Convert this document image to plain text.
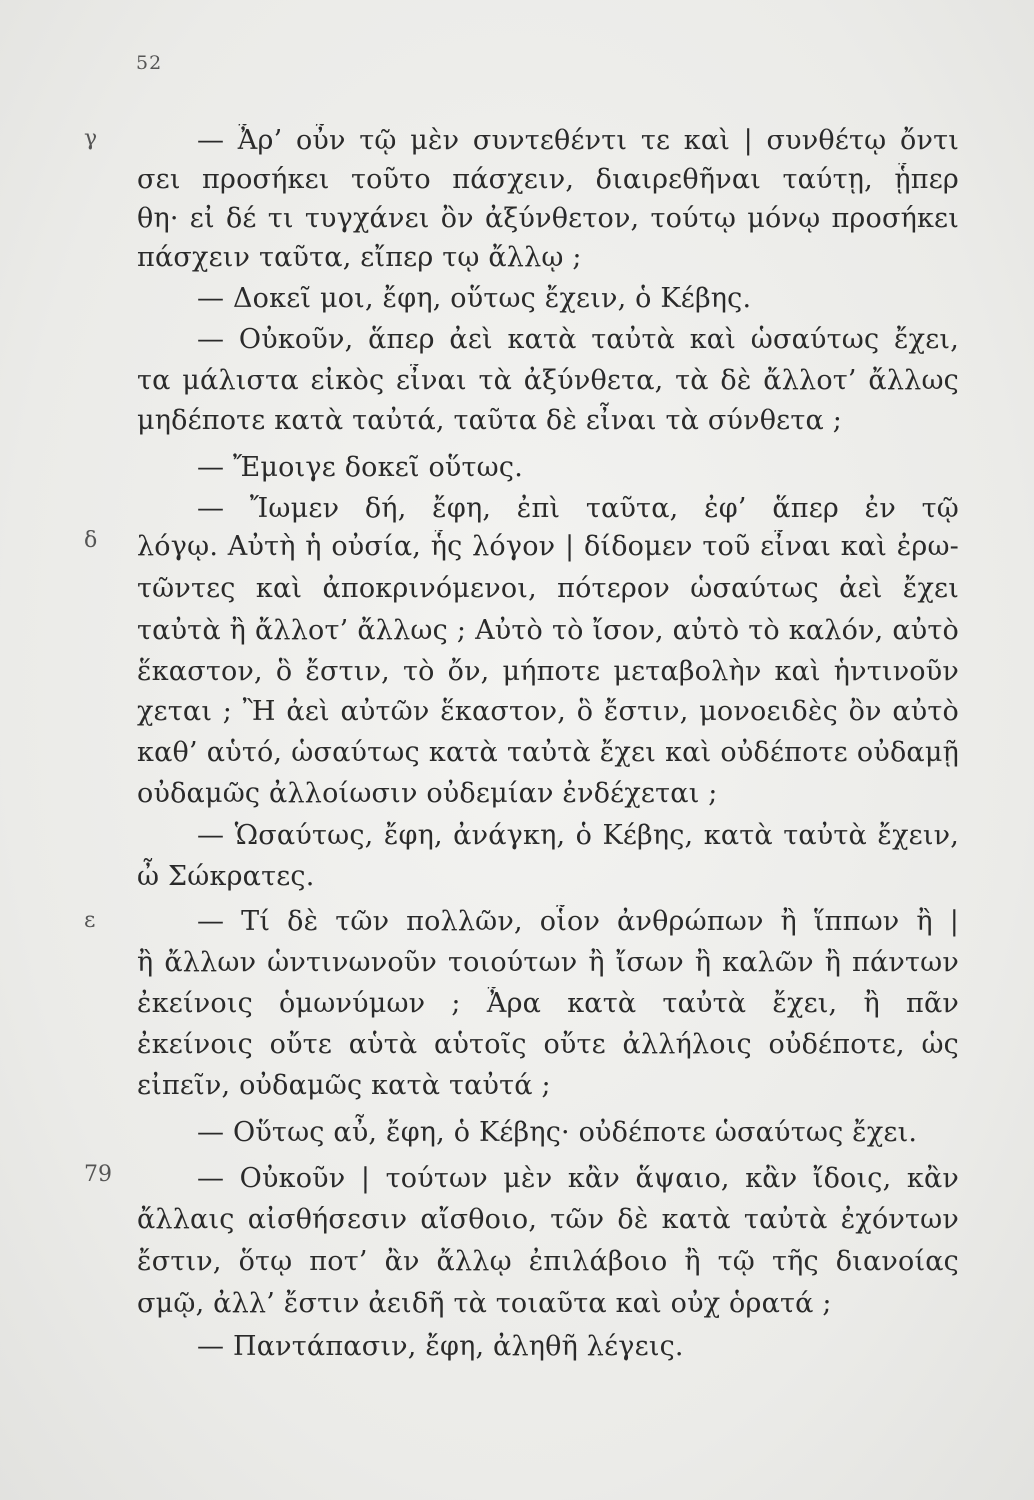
52
γ
δ
ε
79
— Ἆρ’ οὖν τῷ μὲν συντεθέντι τε καὶ | συνθέτῳ ὄντι
σει προσήκει τοῦτο πάσχειν, διαιρεθῆναι ταύτῃ, ᾗπερ
θη· εἰ δέ τι τυγχάνει ὂν ἀξύνθετον, τούτῳ μόνῳ προσήκει
πάσχειν ταῦτα, εἴπερ τῳ ἄλλῳ ;
— Δοκεῖ μοι, ἔφη, οὕτως ἔχειν, ὁ Κέβης.
— Οὐκοῦν, ἅπερ ἀεὶ κατὰ ταὐτὰ καὶ ὡσαύτως ἔχει,
τα μάλιστα εἰκὸς εἶναι τὰ ἀξύνθετα, τὰ δὲ ἄλλοτ’ ἄλλως
μηδέποτε κατὰ ταὐτά, ταῦτα δὲ εἶναι τὰ σύνθετα ;
— Ἔμοιγε δοκεῖ οὕτως.
— Ἴωμεν δή, ἔφη, ἐπὶ ταῦτα, ἐφ’ ἅπερ ἐν τῷ
λόγῳ. Αὐτὴ ἡ οὐσία, ἧς λόγον | δίδομεν τοῦ εἶναι καὶ ἐρω-
τῶντες καὶ ἀποκρινόμενοι, πότερον ὡσαύτως ἀεὶ ἔχει
ταὐτὰ ἢ ἄλλοτ’ ἄλλως ; Αὐτὸ τὸ ἴσον, αὐτὸ τὸ καλόν, αὐτὸ
ἕκαστον, ὃ ἔστιν, τὸ ὄν, μήποτε μεταβολὴν καὶ ἡντινοῦν
χεται ; Ἢ ἀεὶ αὐτῶν ἕκαστον, ὃ ἔστιν, μονοειδὲς ὂν αὐτὸ
καθ’ αὑτό, ὡσαύτως κατὰ ταὐτὰ ἔχει καὶ οὐδέποτε οὐδαμῇ
οὐδαμῶς ἀλλοίωσιν οὐδεμίαν ἐνδέχεται ;
— Ὡσαύτως, ἔφη, ἀνάγκη, ὁ Κέβης, κατὰ ταὐτὰ ἔχειν,
ὦ Σώκρατες.
— Τί δὲ τῶν πολλῶν, οἷον ἀνθρώπων ἢ ἵππων ἢ |
ἢ ἄλλων ὡντινωνοῦν τοιούτων ἢ ἴσων ἢ καλῶν ἢ πάντων
ἐκείνοις ὁμωνύμων ; Ἆρα κατὰ ταὐτὰ ἔχει, ἢ πᾶν
ἐκείνοις οὔτε αὑτὰ αὑτοῖς οὔτε ἀλλήλοις οὐδέποτε, ὡς
εἰπεῖν, οὐδαμῶς κατὰ ταὐτά ;
— Οὕτως αὖ, ἔφη, ὁ Κέβης· οὐδέποτε ὡσαύτως ἔχει.
— Οὐκοῦν | τούτων μὲν κἂν ἅψαιο, κἂν ἴδοις, κἂν
ἄλλαις αἰσθήσεσιν αἴσθοιο, τῶν δὲ κατὰ ταὐτὰ ἐχόντων
ἔστιν, ὅτῳ ποτ’ ἂν ἄλλῳ ἐπιλάβοιο ἢ τῷ τῆς διανοίας
σμῷ, ἀλλ’ ἔστιν ἀειδῆ τὰ τοιαῦτα καὶ οὐχ ὁρατά ;
— Παντάπασιν, ἔφη, ἀληθῆ λέγεις.
